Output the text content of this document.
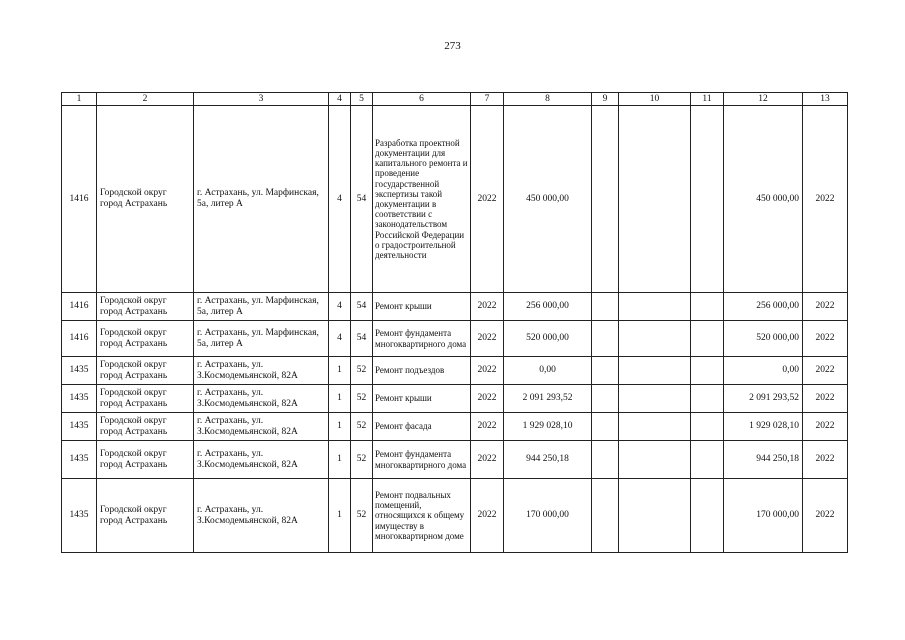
273
1	2	3	4	5	6	7	8	9	10	11	12	13
1416	Городской округ город Астрахань	г. Астрахань, ул. Марфинская, 5а, литер А	4	54	Разработка проектной документации для капитального ремонта и проведение государственной экспертизы такой документации в соответствии с законодательством Российской Федерации о градостроительной деятельности	2022	450 000,00				450 000,00	2022
1416	Городской округ город Астрахань	г. Астрахань, ул. Марфинская, 5а, литер А	4	54	Ремонт крыши	2022	256 000,00				256 000,00	2022
1416	Городской округ город Астрахань	г. Астрахань, ул. Марфинская, 5а, литер А	4	54	Ремонт фундамента многоквартирного дома	2022	520 000,00				520 000,00	2022
1435	Городской округ город Астрахань	г. Астрахань, ул. З.Космодемьянской, 82А	1	52	Ремонт подъездов	2022	0,00				0,00	2022
1435	Городской округ город Астрахань	г. Астрахань, ул. З.Космодемьянской, 82А	1	52	Ремонт крыши	2022	2 091 293,52				2 091 293,52	2022
1435	Городской округ город Астрахань	г. Астрахань, ул. З.Космодемьянской, 82А	1	52	Ремонт фасада	2022	1 929 028,10				1 929 028,10	2022
1435	Городской округ город Астрахань	г. Астрахань, ул. З.Космодемьянской, 82А	1	52	Ремонт фундамента многоквартирного дома	2022	944 250,18				944 250,18	2022
1435	Городской округ город Астрахань	г. Астрахань, ул. З.Космодемьянской, 82А	1	52	Ремонт подвальных помещений, относящихся к общему имуществу в многоквартирном доме	2022	170 000,00				170 000,00	2022
